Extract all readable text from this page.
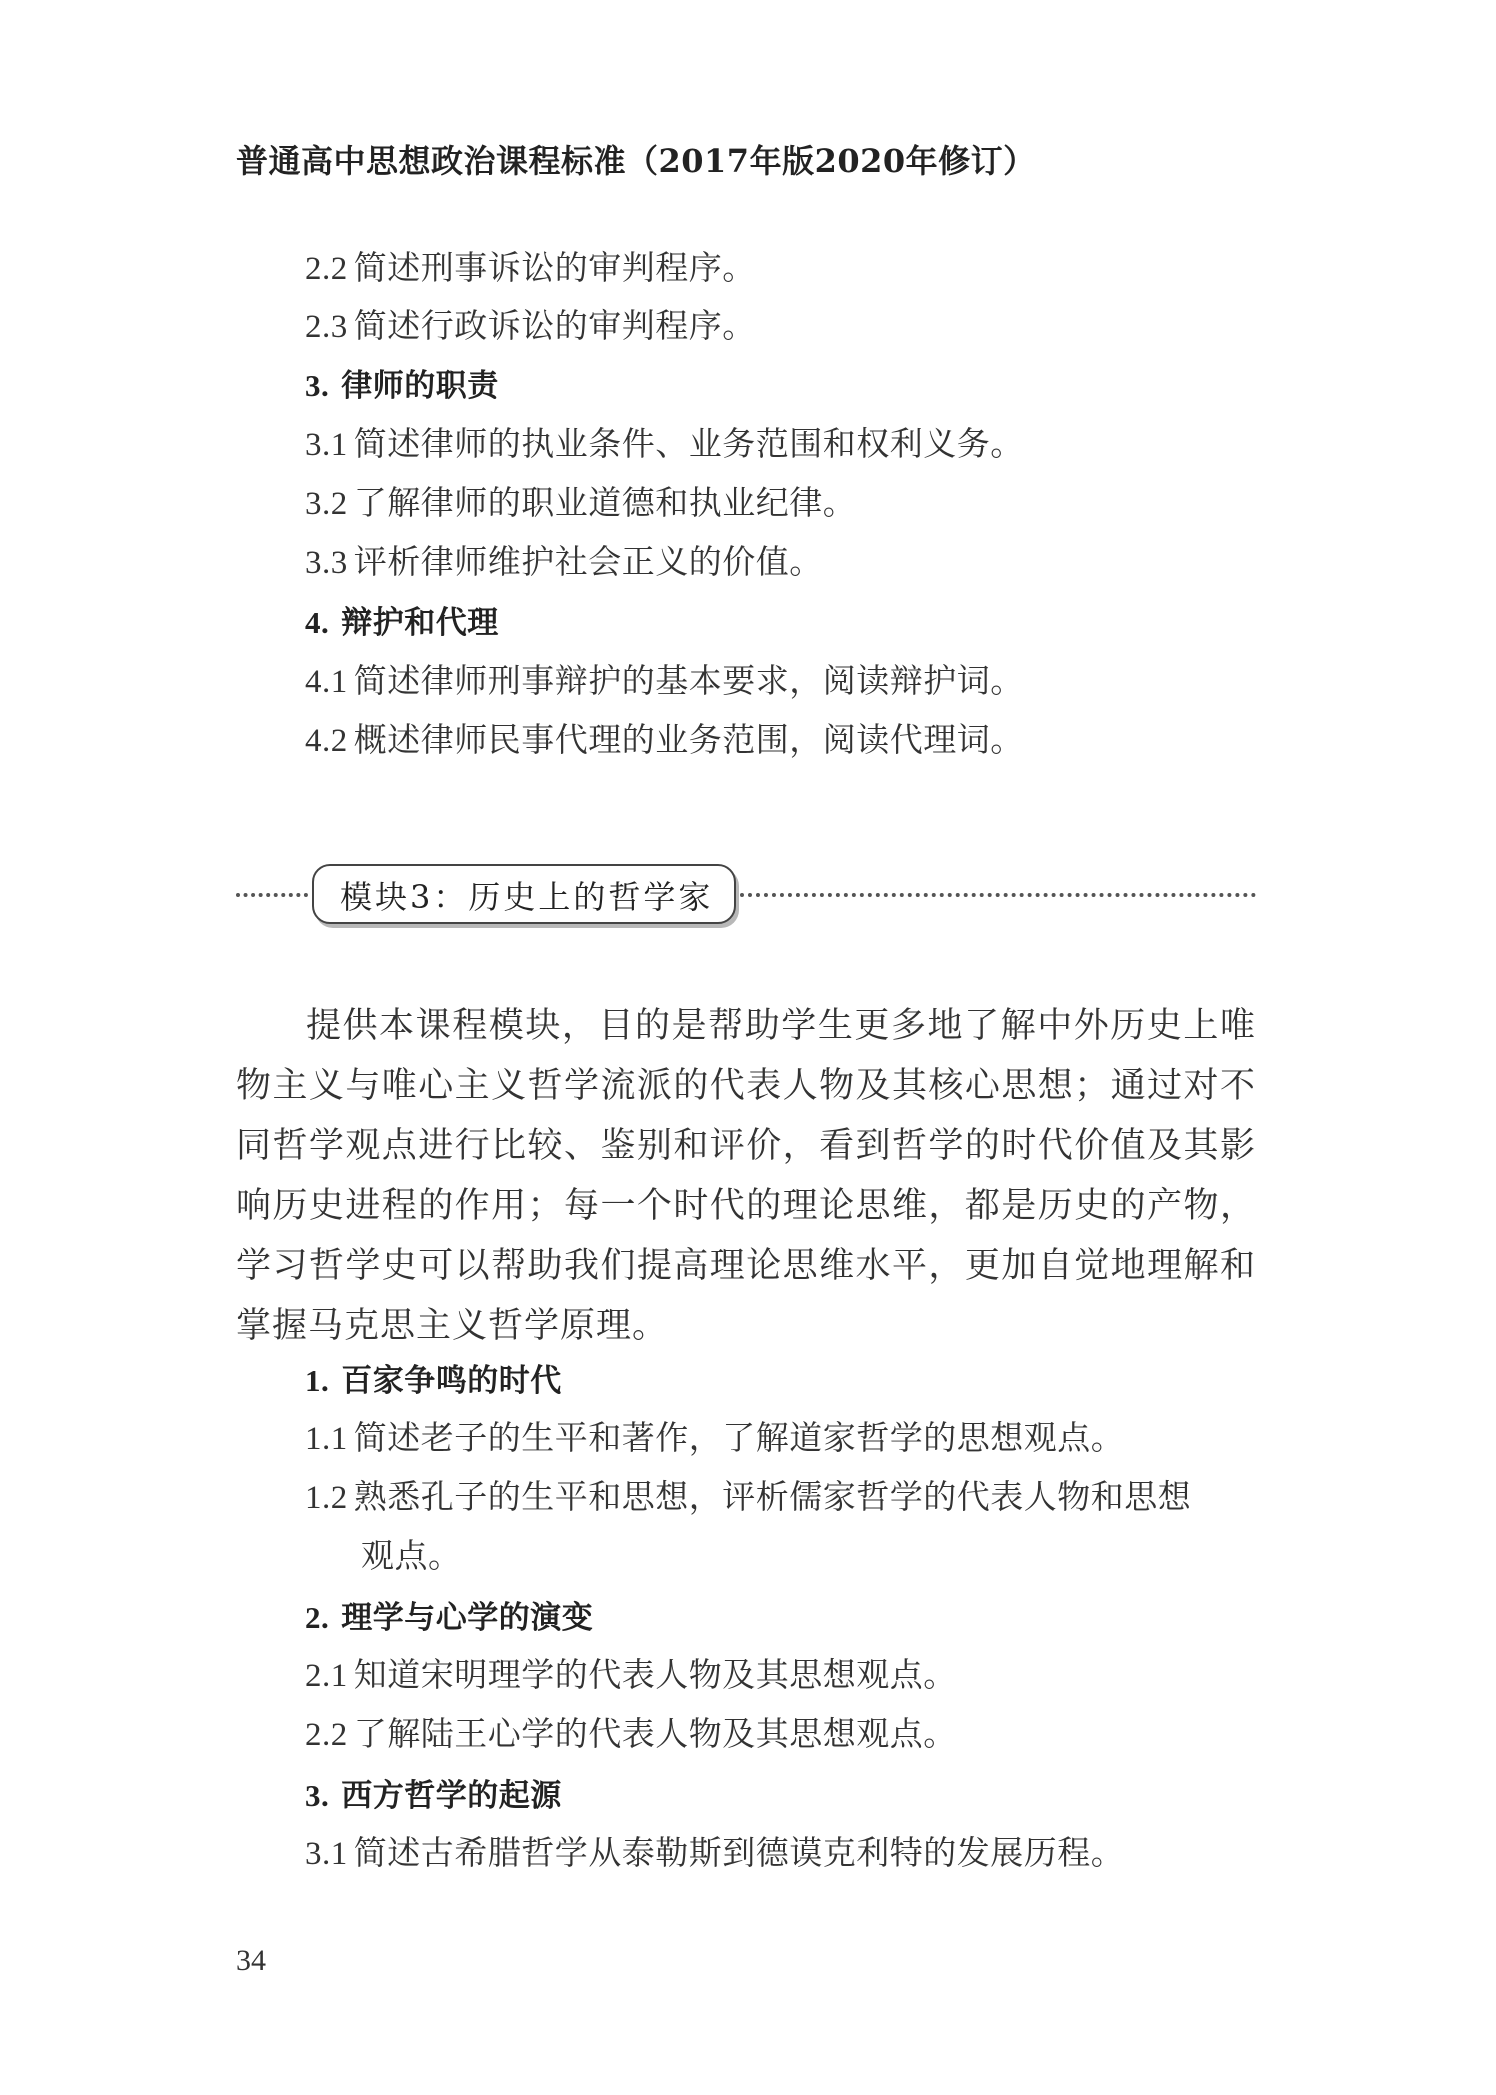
普通高中思想政治课程标准（2017年版2020年修订）
2.2 简述刑事诉讼的审判程序。
2.3 简述行政诉讼的审判程序。
3. 律师的职责
3.1 简述律师的执业条件、业务范围和权利义务。
3.2 了解律师的职业道德和执业纪律。
3.3 评析律师维护社会正义的价值。
4. 辩护和代理
4.1 简述律师刑事辩护的基本要求，阅读辩护词。
4.2 概述律师民事代理的业务范围，阅读代理词。
模块3：历史上的哲学家
提供本课程模块，目的是帮助学生更多地了解中外历史上唯物主义与唯心主义哲学流派的代表人物及其核心思想；通过对不同哲学观点进行比较、鉴别和评价，看到哲学的时代价值及其影响历史进程的作用；每一个时代的理论思维，都是历史的产物，学习哲学史可以帮助我们提高理论思维水平，更加自觉地理解和掌握马克思主义哲学原理。
1. 百家争鸣的时代
1.1 简述老子的生平和著作，了解道家哲学的思想观点。
1.2 熟悉孔子的生平和思想，评析儒家哲学的代表人物和思想
观点。
2. 理学与心学的演变
2.1 知道宋明理学的代表人物及其思想观点。
2.2 了解陆王心学的代表人物及其思想观点。
3. 西方哲学的起源
3.1 简述古希腊哲学从泰勒斯到德谟克利特的发展历程。
34
